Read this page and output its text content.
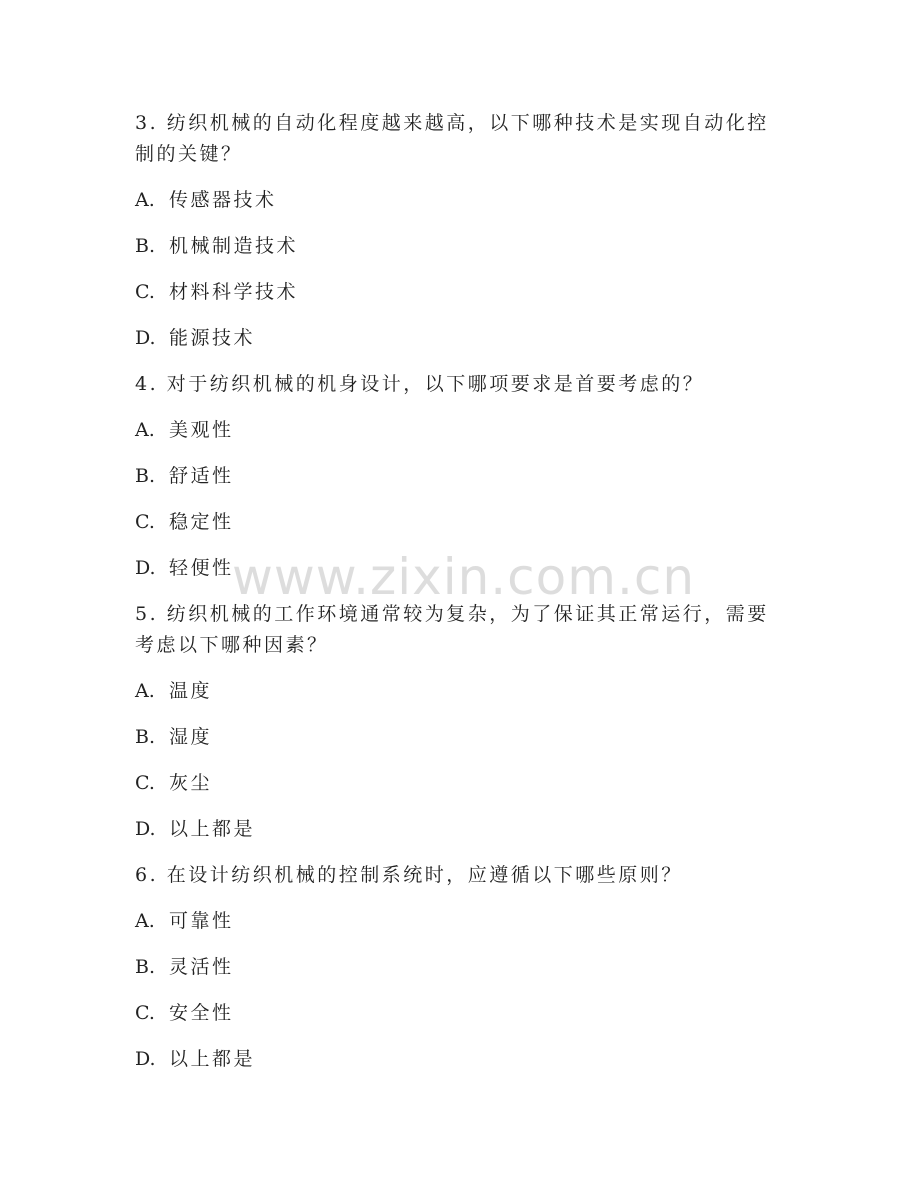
3. 纺织机械的自动化程度越来越高，以下哪种技术是实现自动化控制的关键？

A. 传感器技术

B. 机械制造技术

C. 材料科学技术

D. 能源技术

4. 对于纺织机械的机身设计，以下哪项要求是首要考虑的？

A. 美观性

B. 舒适性

C. 稳定性

D. 轻便性

5. 纺织机械的工作环境通常较为复杂，为了保证其正常运行，需要考虑以下哪种因素？

A. 温度

B. 湿度

C. 灰尘

D. 以上都是

6. 在设计纺织机械的控制系统时，应遵循以下哪些原则？

A. 可靠性

B. 灵活性

C. 安全性

D. 以上都是

www.zixin.com.cn
